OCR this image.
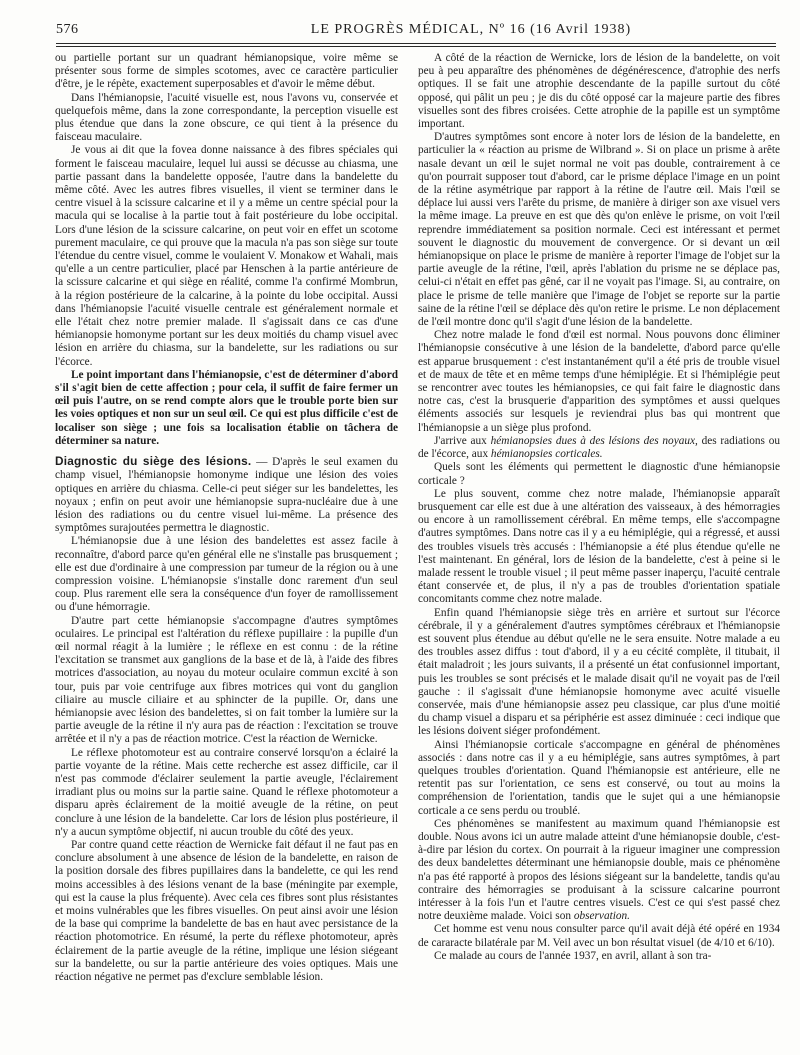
576	LE PROGRÈS MÉDICAL, Nº 16 (16 Avril 1938)

ou partielle portant sur un quadrant hémianopsique, voire même se présenter sous forme de simples scotomes, avec ce caractère particulier d'être, je le répète, exactement superposables et d'avoir le même début.

Dans l'hémianopsie, l'acuité visuelle est, nous l'avons vu, conservée et quelquefois même, dans la zone correspondante, la perception visuelle est plus étendue que dans la zone obscure, ce qui tient à la présence du faisceau maculaire.

Je vous ai dit que la fovea donne naissance à des fibres spéciales qui forment le faisceau maculaire, lequel lui aussi se décusse au chiasma, une partie passant dans la bandelette opposée, l'autre dans la bandelette du même côté. Avec les autres fibres visuelles, il vient se terminer dans le centre visuel à la scissure calcarine et il y a même un centre spécial pour la macula qui se localise à la partie tout à fait postérieure du lobe occipital. Lors d'une lésion de la scissure calcarine, on peut voir en effet un scotome purement maculaire, ce qui prouve que la macula n'a pas son siège sur toute l'étendue du centre visuel, comme le voulaient V. Monakow et Wahali, mais qu'elle a un centre particulier, placé par Henschen à la partie antérieure de la scissure calcarine et qui siège en réalité, comme l'a confirmé Mombrun, à la région postérieure de la calcarine, à la pointe du lobe occipital. Aussi dans l'hémianopsie l'acuité visuelle centrale est généralement normale et elle l'était chez notre premier malade. Il s'agissait dans ce cas d'une hémianopsie homonyme portant sur les deux moitiés du champ visuel avec lésion en arrière du chiasma, sur la bandelette, sur les radiations ou sur l'écorce.

Le point important dans l'hémianopsie, c'est de déterminer d'abord s'il s'agit bien de cette affection ; pour cela, il suffit de faire fermer un œil puis l'autre, on se rend compte alors que le trouble porte bien sur les voies optiques et non sur un seul œil. Ce qui est plus difficile c'est de localiser son siège ; une fois sa localisation établie on tâchera de déterminer sa nature.

Diagnostic du siège des lésions. — D'après le seul examen du champ visuel, l'hémianopsie homonyme indique une lésion des voies optiques en arrière du chiasma. Celle-ci peut siéger sur les bandelettes, les noyaux ; enfin on peut avoir une hémianopsie supra-nucléaire due à une lésion des radiations ou du centre visuel lui-même. La présence des symptômes surajoutées permettra le diagnostic.

L'hémianopsie due à une lésion des bandelettes est assez facile à reconnaître, d'abord parce qu'en général elle ne s'installe pas brusquement ; elle est due d'ordinaire à une compression par tumeur de la région ou à une compression voisine. L'hémianopsie s'installe donc rarement d'un seul coup. Plus rarement elle sera la conséquence d'un foyer de ramollissement ou d'une hémorragie.

D'autre part cette hémianopsie s'accompagne d'autres symptômes oculaires. Le principal est l'altération du réflexe pupillaire : la pupille d'un œil normal réagit à la lumière ; le réflexe en est connu : de la rétine l'excitation se transmet aux ganglions de la base et de là, à l'aide des fibres motrices d'association, au noyau du moteur oculaire commun excité à son tour, puis par voie centrifuge aux fibres motrices qui vont du ganglion ciliaire au muscle ciliaire et au sphincter de la pupille. Or, dans une hémianopsie avec lésion des bandelettes, si on fait tomber la lumière sur la partie aveugle de la rétine il n'y aura pas de réaction : l'excitation se trouve arrêtée et il n'y a pas de réaction motrice. C'est la réaction de Wernicke.

Le réflexe photomoteur est au contraire conservé lorsqu'on a éclairé la partie voyante de la rétine. Mais cette recherche est assez difficile, car il n'est pas commode d'éclairer seulement la partie aveugle, l'éclairement irradiant plus ou moins sur la partie saine. Quand le réflexe photomoteur a disparu après éclairement de la moitié aveugle de la rétine, on peut conclure à une lésion de la bandelette. Car lors de lésion plus postérieure, il n'y a aucun symptôme objectif, ni aucun trouble du côté des yeux.

Par contre quand cette réaction de Wernicke fait défaut il ne faut pas en conclure absolument à une absence de lésion de la bandelette, en raison de la position dorsale des fibres pupillaires dans la bandelette, ce qui les rend moins accessibles à des lésions venant de la base (méningite par exemple, qui est la cause la plus fréquente). Avec cela ces fibres sont plus résistantes et moins vulnérables que les fibres visuelles. On peut ainsi avoir une lésion de la base qui comprime la bandelette de bas en haut avec persistance de la réaction photomotrice. En résumé, la perte du réflexe photomoteur, après éclairement de la partie aveugle de la rétine, implique une lésion siégeant sur la bandelette, ou sur la partie antérieure des voies optiques. Mais une réaction négative ne permet pas d'exclure semblable lésion.

A côté de la réaction de Wernicke, lors de lésion de la bandelette, on voit peu à peu apparaître des phénomènes de dégénérescence, d'atrophie des nerfs optiques. Il se fait une atrophie descendante de la papille surtout du côté opposé, qui pâlit un peu ; je dis du côté opposé car la majeure partie des fibres visuelles sont des fibres croisées. Cette atrophie de la papille est un symptôme important.

D'autres symptômes sont encore à noter lors de lésion de la bandelette, en particulier la « réaction au prisme de Wilbrand ». Si on place un prisme à arête nasale devant un œil le sujet normal ne voit pas double, contrairement à ce qu'on pourrait supposer tout d'abord, car le prisme déplace l'image en un point de la rétine asymétrique par rapport à la rétine de l'autre œil. Mais l'œil se déplace lui aussi vers l'arête du prisme, de manière à diriger son axe visuel vers la même image. La preuve en est que dès qu'on enlève le prisme, on voit l'œil reprendre immédiatement sa position normale. Ceci est intéressant et permet souvent le diagnostic du mouvement de convergence. Or si devant un œil hémianopsique on place le prisme de manière à reporter l'image de l'objet sur la partie aveugle de la rétine, l'œil, après l'ablation du prisme ne se déplace pas, celui-ci n'était en effet pas gêné, car il ne voyait pas l'image. Si, au contraire, on place le prisme de telle manière que l'image de l'objet se reporte sur la partie saine de la rétine l'œil se déplace dès qu'on retire le prisme. Le non déplacement de l'œil montre donc qu'il s'agit d'une lésion de la bandelette.

Chez notre malade le fond d'œil est normal. Nous pouvons donc éliminer l'hémianopsie consécutive à une lésion de la bandelette, d'abord parce qu'elle est apparue brusquement : c'est instantanément qu'il a été pris de trouble visuel et de maux de tête et en même temps d'une hémiplégie. Et si l'hémiplégie peut se rencontrer avec toutes les hémianopsies, ce qui fait faire le diagnostic dans notre cas, c'est la brusquerie d'apparition des symptômes et aussi quelques éléments associés sur lesquels je reviendrai plus bas qui montrent que l'hémianopsie a un siège plus profond.

J'arrive aux hémianopsies dues à des lésions des noyaux, des radiations ou de l'écorce, aux hémianopsies corticales.

Quels sont les éléments qui permettent le diagnostic d'une hémianopsie corticale ?

Le plus souvent, comme chez notre malade, l'hémianopsie apparaît brusquement car elle est due à une altération des vaisseaux, à des hémorragies ou encore à un ramollissement cérébral. En même temps, elle s'accompagne d'autres symptômes. Dans notre cas il y a eu hémiplégie, qui a régressé, et aussi des troubles visuels très accusés : l'hémianopsie a été plus étendue qu'elle ne l'est maintenant. En général, lors de lésion de la bandelette, c'est à peine si le malade ressent le trouble visuel ; il peut même passer inaperçu, l'acuité centrale étant conservée et, de plus, il n'y a pas de troubles d'orientation spatiale concomitants comme chez notre malade.

Enfin quand l'hémianopsie siège très en arrière et surtout sur l'écorce cérébrale, il y a généralement d'autres symptômes cérébraux et l'hémianopsie est souvent plus étendue au début qu'elle ne le sera ensuite. Notre malade a eu des troubles assez diffus : tout d'abord, il y a eu cécité complète, il titubait, il était maladroit ; les jours suivants, il a présenté un état confusionnel important, puis les troubles se sont précisés et le malade disait qu'il ne voyait pas de l'œil gauche : il s'agissait d'une hémianopsie homonyme avec acuité visuelle conservée, mais d'une hémianopsie assez peu classique, car plus d'une moitié du champ visuel a disparu et sa périphérie est assez diminuée : ceci indique que les lésions doivent siéger profondément.

Ainsi l'hémianopsie corticale s'accompagne en général de phénomènes associés : dans notre cas il y a eu hémiplégie, sans autres symptômes, à part quelques troubles d'orientation. Quand l'hémianopsie est antérieure, elle ne retentit pas sur l'orientation, ce sens est conservé, ou tout au moins la compréhension de l'orientation, tandis que le sujet qui a une hémianopsie corticale a ce sens perdu ou troublé.

Ces phénomènes se manifestent au maximum quand l'hémianopsie est double. Nous avons ici un autre malade atteint d'une hémianopsie double, c'est-à-dire par lésion du cortex. On pourrait à la rigueur imaginer une compression des deux bandelettes déterminant une hémianopsie double, mais ce phénomène n'a pas été rapporté à propos des lésions siégeant sur la bandelette, tandis qu'au contraire des hémorragies se produisant à la scissure calcarine pourront intéresser à la fois l'un et l'autre centres visuels. C'est ce qui s'est passé chez notre deuxième malade. Voici son observation.

Cet homme est venu nous consulter parce qu'il avait déjà été opéré en 1934 de cararacte bilatérale par M. Veil avec un bon résultat visuel (de 4/10 et 6/10).

Ce malade au cours de l'année 1937, en avril, allant à son tra-
